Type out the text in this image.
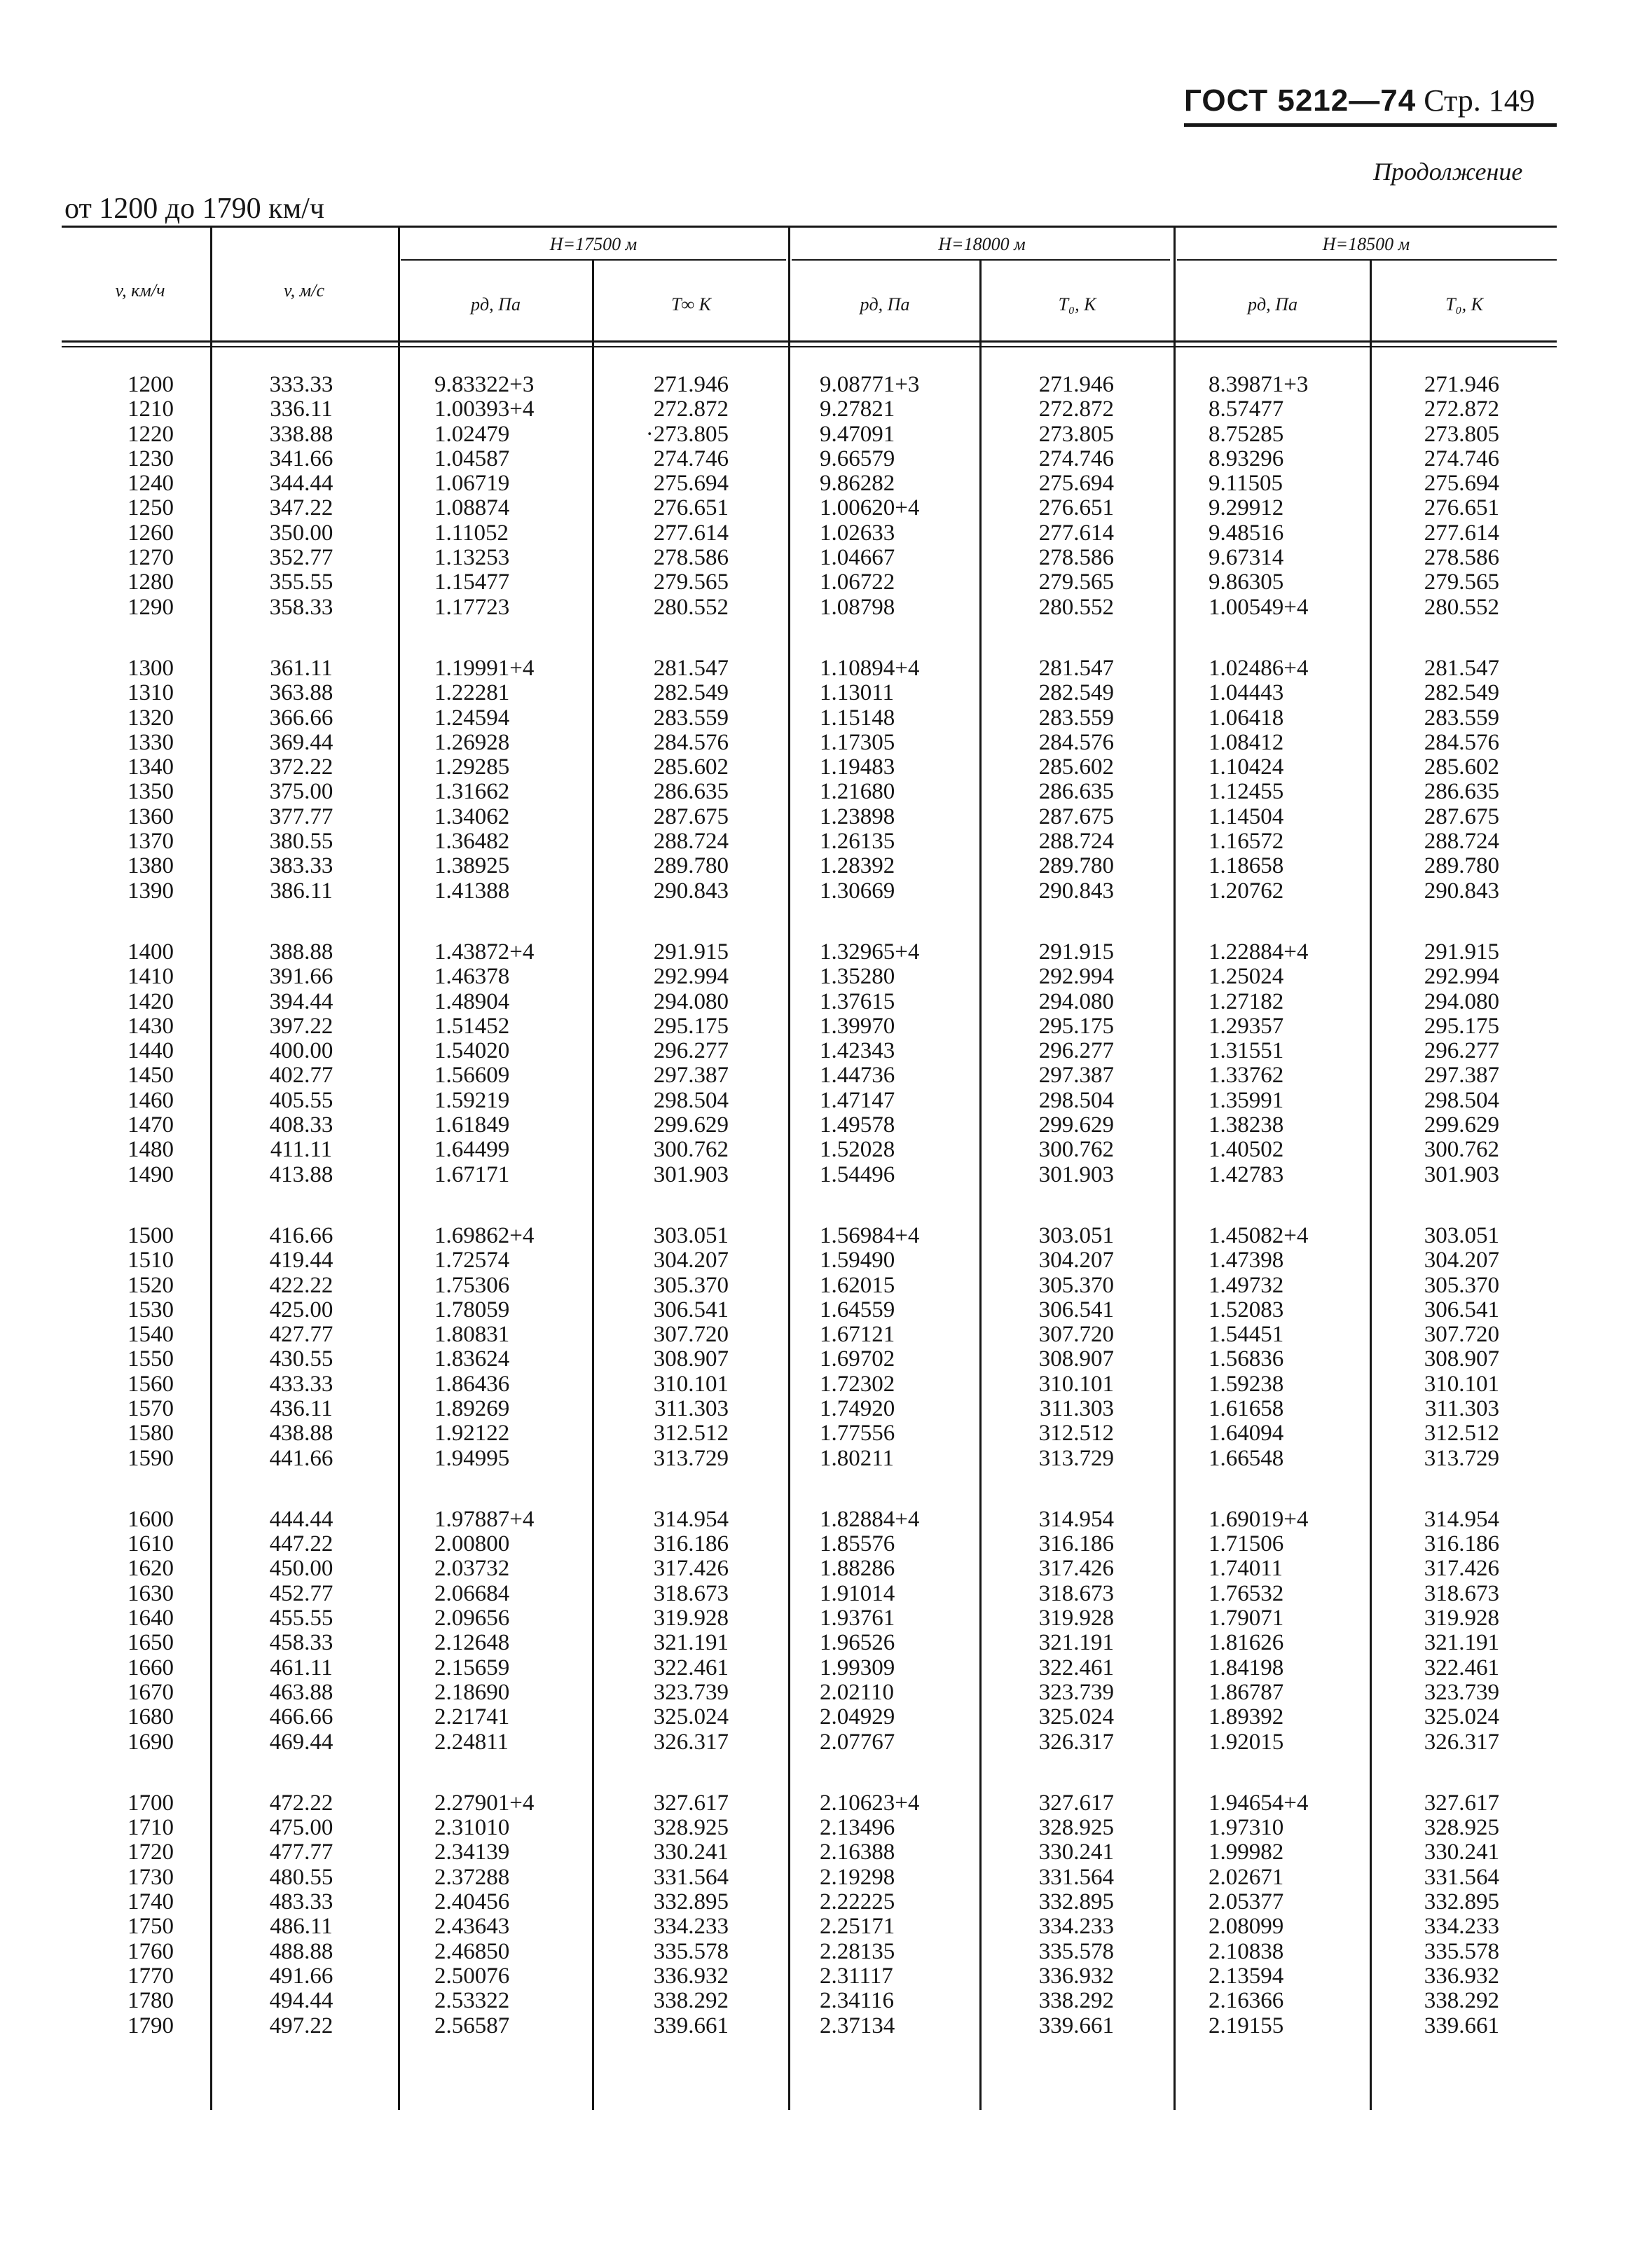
ГОСТ 5212—74 Стр. 149
Продолжение
от 1200 до 1790 км/ч
v, км/ч	v, м/с
H=17500 м	H=18000 м	H=18500 м
pд, Па	T∞ K	pд, Па	T₀, K	pд, Па	T₀, K
1200	333.33	9.83322+3	271.946	9.08771+3	271.946	8.39871+3	271.946
1210	336.11	1.00393+4	272.872	9.27821	272.872	8.57477	272.872
1220	338.88	1.02479	·273.805	9.47091	273.805	8.75285	273.805
1230	341.66	1.04587	274.746	9.66579	274.746	8.93296	274.746
1240	344.44	1.06719	275.694	9.86282	275.694	9.11505	275.694
1250	347.22	1.08874	276.651	1.00620+4	276.651	9.29912	276.651
1260	350.00	1.11052	277.614	1.02633	277.614	9.48516	277.614
1270	352.77	1.13253	278.586	1.04667	278.586	9.67314	278.586
1280	355.55	1.15477	279.565	1.06722	279.565	9.86305	279.565
1290	358.33	1.17723	280.552	1.08798	280.552	1.00549+4	280.552
1300	361.11	1.19991+4	281.547	1.10894+4	281.547	1.02486+4	281.547
1310	363.88	1.22281	282.549	1.13011	282.549	1.04443	282.549
1320	366.66	1.24594	283.559	1.15148	283.559	1.06418	283.559
1330	369.44	1.26928	284.576	1.17305	284.576	1.08412	284.576
1340	372.22	1.29285	285.602	1.19483	285.602	1.10424	285.602
1350	375.00	1.31662	286.635	1.21680	286.635	1.12455	286.635
1360	377.77	1.34062	287.675	1.23898	287.675	1.14504	287.675
1370	380.55	1.36482	288.724	1.26135	288.724	1.16572	288.724
1380	383.33	1.38925	289.780	1.28392	289.780	1.18658	289.780
1390	386.11	1.41388	290.843	1.30669	290.843	1.20762	290.843
1400	388.88	1.43872+4	291.915	1.32965+4	291.915	1.22884+4	291.915
1410	391.66	1.46378	292.994	1.35280	292.994	1.25024	292.994
1420	394.44	1.48904	294.080	1.37615	294.080	1.27182	294.080
1430	397.22	1.51452	295.175	1.39970	295.175	1.29357	295.175
1440	400.00	1.54020	296.277	1.42343	296.277	1.31551	296.277
1450	402.77	1.56609	297.387	1.44736	297.387	1.33762	297.387
1460	405.55	1.59219	298.504	1.47147	298.504	1.35991	298.504
1470	408.33	1.61849	299.629	1.49578	299.629	1.38238	299.629
1480	411.11	1.64499	300.762	1.52028	300.762	1.40502	300.762
1490	413.88	1.67171	301.903	1.54496	301.903	1.42783	301.903
1500	416.66	1.69862+4	303.051	1.56984+4	303.051	1.45082+4	303.051
1510	419.44	1.72574	304.207	1.59490	304.207	1.47398	304.207
1520	422.22	1.75306	305.370	1.62015	305.370	1.49732	305.370
1530	425.00	1.78059	306.541	1.64559	306.541	1.52083	306.541
1540	427.77	1.80831	307.720	1.67121	307.720	1.54451	307.720
1550	430.55	1.83624	308.907	1.69702	308.907	1.56836	308.907
1560	433.33	1.86436	310.101	1.72302	310.101	1.59238	310.101
1570	436.11	1.89269	311.303	1.74920	311.303	1.61658	311.303
1580	438.88	1.92122	312.512	1.77556	312.512	1.64094	312.512
1590	441.66	1.94995	313.729	1.80211	313.729	1.66548	313.729
1600	444.44	1.97887+4	314.954	1.82884+4	314.954	1.69019+4	314.954
1610	447.22	2.00800	316.186	1.85576	316.186	1.71506	316.186
1620	450.00	2.03732	317.426	1.88286	317.426	1.74011	317.426
1630	452.77	2.06684	318.673	1.91014	318.673	1.76532	318.673
1640	455.55	2.09656	319.928	1.93761	319.928	1.79071	319.928
1650	458.33	2.12648	321.191	1.96526	321.191	1.81626	321.191
1660	461.11	2.15659	322.461	1.99309	322.461	1.84198	322.461
1670	463.88	2.18690	323.739	2.02110	323.739	1.86787	323.739
1680	466.66	2.21741	325.024	2.04929	325.024	1.89392	325.024
1690	469.44	2.24811	326.317	2.07767	326.317	1.92015	326.317
1700	472.22	2.27901+4	327.617	2.10623+4	327.617	1.94654+4	327.617
1710	475.00	2.31010	328.925	2.13496	328.925	1.97310	328.925
1720	477.77	2.34139	330.241	2.16388	330.241	1.99982	330.241
1730	480.55	2.37288	331.564	2.19298	331.564	2.02671	331.564
1740	483.33	2.40456	332.895	2.22225	332.895	2.05377	332.895
1750	486.11	2.43643	334.233	2.25171	334.233	2.08099	334.233
1760	488.88	2.46850	335.578	2.28135	335.578	2.10838	335.578
1770	491.66	2.50076	336.932	2.31117	336.932	2.13594	336.932
1780	494.44	2.53322	338.292	2.34116	338.292	2.16366	338.292
1790	497.22	2.56587	339.661	2.37134	339.661	2.19155	339.661
